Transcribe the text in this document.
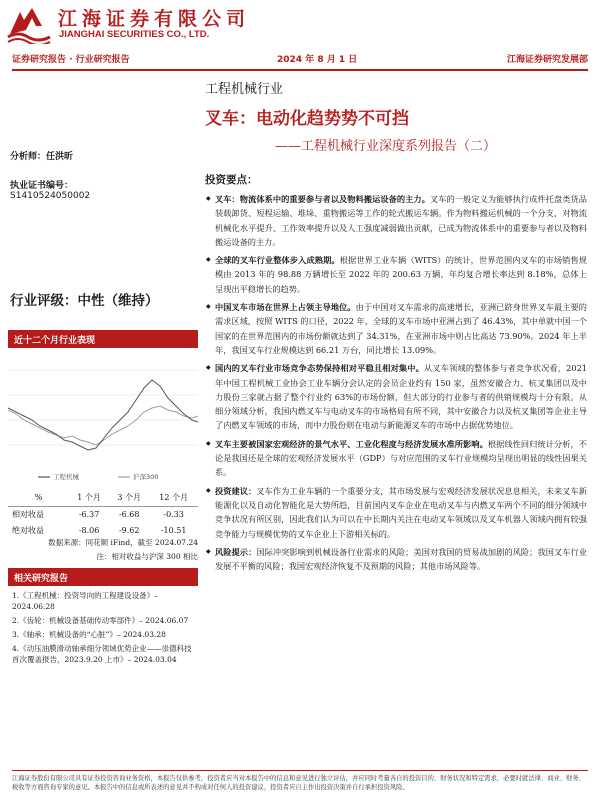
江海证券有限公司
JIANGHAI SECURITIES CO., LTD.
证券研究报告 · 行业研究报告	2024 年 8 月 1 日	江海证券研究发展部
工程机械行业
叉车：电动化趋势势不可挡
——工程机械行业深度系列报告（二）
分析师：任洪昕
执业证书编号：
S1410524050002
行业评级：中性（维持）
近十二个月行业表现
工程机械	沪深300
%	1 个月	3 个月	12 个月
相对收益	-6.37	-6.68	-0.33
绝对收益	-8.06	-9.62	-10.51
数据来源：同花顺 iFind，截至 2024.07.24
注：相对收益与沪深 300 相比
相关研究报告
1.《工程机械：投资导向的工程建设设备》– 2024.06.28
2.《齿轮：机械设备基础传动零部件》– 2024.06.07
3.《轴承：机械设备的“心脏”》– 2024.03.28
4.《动压油膜滑动轴承细分领域优势企业——崇德科技首次覆盖报告，2023.9.20 上市》– 2024.03.04
投资要点：
◆ 叉车：物流体系中的重要参与者以及物料搬运设备的主力。叉车的一般定义为能够执行成件托盘类货品装载卸货、短程运输、堆垛、重物搬运等工作的轮式搬运车辆。作为物料搬运机械的一个分支，对物流机械化水平提升、工作效率提升以及人工强度减弱做出贡献，已成为物流体系中的重要参与者以及物料搬运设备的主力。
◆ 全球的叉车行业整体步入成熟期。根据世界工业车辆（WITS）的统计，世界范围内叉车的市场销售规模由 2013 年的 98.88 万辆增长至 2022 年的 200.63 万辆，年均复合增长率达到 8.18%，总体上呈现出平稳增长的趋势。
◆ 中国叉车市场在世界上占领主导地位。由于中国对叉车需求的高速增长，亚洲已跻身世界叉车最主要的需求区域，按照 WITS 的口径，2022 年，全球的叉车市场中亚洲占到了 46.43%，其中单就中国一个国家的在世界范围内的市场份额就达到了 34.31%，在亚洲市场中则占比高达 73.90%。2024 年上半年，我国叉车行业规模达到 66.21 万台，同比增长 13.09%。
◆ 国内的叉车行业市场竞争态势保持相对平稳且相对集中。从叉车领域的整体参与者竞争状况看，2021 年中国工程机械工业协会工业车辆分会认定的会员企业约有 150 家，虽然安徽合力、杭叉集团以及中力股份三家就占据了整个行业约 63%的市场份额，但大部分的行业参与者的供销规模均十分有限。从细分领域分析，我国内燃叉车与电动叉车的市场格局有所不同，其中安徽合力以及杭叉集团等企业主导了内燃叉车领域的市场，而中力股份则在电动与新能源叉车的市场中占据优势地位。
◆ 叉车主要被国家宏观经济的景气水平、工业化程度与经济发展水准所影响。根据线性回归统计分析，不论是我国还是全球的宏观经济发展水平（GDP）与对应范围的叉车行业规模均呈现出明显的线性因果关系。
◆ 投资建议：叉车作为工业车辆的一个重要分支，其市场发展与宏观经济发展状况息息相关，未来叉车新能源化以及自动化智能化是大势所趋，目前国内叉车企业在电动叉车与内燃叉车两个不同的细分领域中竞争状况有所区别，因此我们认为可以在中长期内关注在电动叉车领域以及叉车机器人领域内拥有较强竞争能力与规模优势的叉车企业上下游相关标的。
◆ 风险提示：国际冲突影响到机械设备行业需求的风险；美国对我国的贸易战加剧的风险；我国叉车行业发展不平衡的风险；我国宏观经济恢复不及预期的风险；其他市场风险等。
江海证券股份有限公司具有证券投资咨询业务资格，本报告仅供参考，投资者应当对本报告中的信息和意见进行独立评估，并应同时考量各自的投资目的、财务状况和特定需求，必要时就法律、商业、财务、税收等方面咨询专家的意见。本报告中的信息或所表述的意见并不构成对任何人的投资建议，投资者应自主作出投资决策并自行承担投资风险。
